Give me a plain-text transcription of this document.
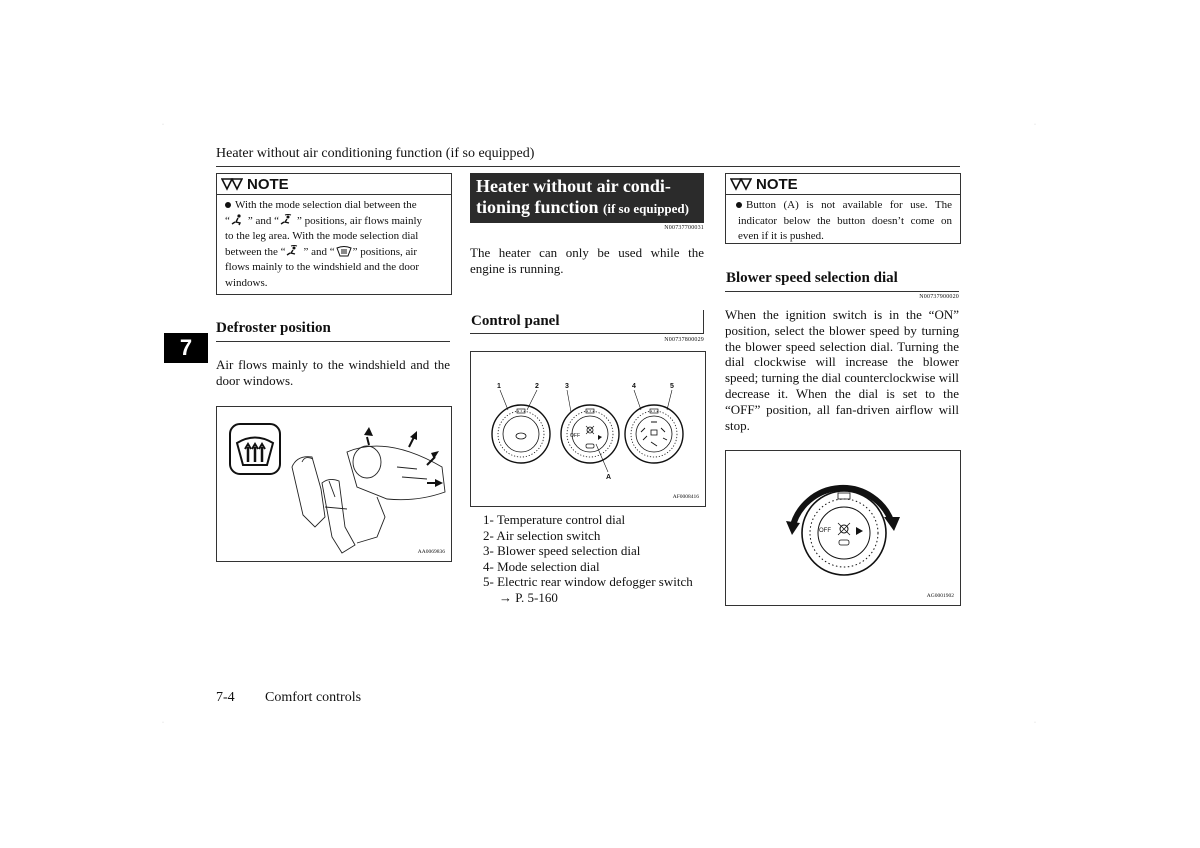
·	·
·	·
Heater without air conditioning function (if so equipped)
7
NOTE
With the mode selection dial between the
“ ” and “ ” positions, air flows mainly
to the leg area. With the mode selection dial
between the “ ” and “ ” positions, air
flows mainly to the windshield and the door
windows.
Defroster position
Air flows mainly to the windshield and the door windows.
AA0069836
Heater without air condi-
tioning function (if so equipped)
N00737700031
The heater can only be used while the engine is running.
Control panel
N00737800029
1	2	3	4	5
A
OFF
AF0008416
1- Temperature control dial
2- Air selection switch
3- Blower speed selection dial
4- Mode selection dial
5- Electric rear window defogger switch
→ P. 5-160
NOTE
Button (A) is not available for use. The indicator below the button doesn’t come on even if it is pushed.
Blower speed selection dial
N00737900020
When the ignition switch is in the “ON” position, select the blower speed by turning the blower speed selection dial. Turning the dial clockwise will increase the blower speed; turning the dial counterclockwise will decrease it. When the dial is set to the “OFF” position, all fan-driven airflow will stop.
OFF
AG0001902
7-4 Comfort controls
